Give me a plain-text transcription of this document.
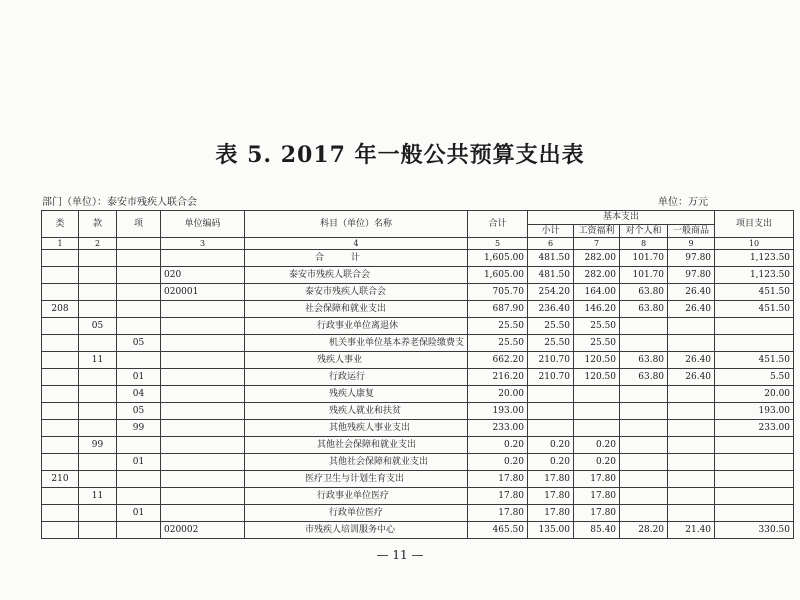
表 5. 2017 年一般公共预算支出表
部门（单位）：泰安市残疾人联合会	单位：万元
类	款	项	单位编码	科目（单位）名称	合计	基本支出				项目支出
						小计	工资福利	对个人和	一般商品	
1	2		3	4	5	6	7	8	9	10
				合 计	1,605.00	481.50	282.00	101.70	97.80	1,123.50
			020	泰安市残疾人联合会	1,605.00	481.50	282.00	101.70	97.80	1,123.50
			020001	泰安市残疾人联合会	705.70	254.20	164.00	63.80	26.40	451.50
208				社会保障和就业支出	687.90	236.40	146.20	63.80	26.40	451.50
	05			行政事业单位离退休	25.50	25.50	25.50			
		05		机关事业单位基本养老保险缴费支	25.50	25.50	25.50			
	11			残疾人事业	662.20	210.70	120.50	63.80	26.40	451.50
		01		行政运行	216.20	210.70	120.50	63.80	26.40	5.50
		04		残疾人康复	20.00					20.00
		05		残疾人就业和扶贫	193.00					193.00
		99		其他残疾人事业支出	233.00					233.00
	99			其他社会保障和就业支出	0.20	0.20	0.20			
		01		其他社会保障和就业支出	0.20	0.20	0.20			
210				医疗卫生与计划生育支出	17.80	17.80	17.80			
	11			行政事业单位医疗	17.80	17.80	17.80			
		01		行政单位医疗	17.80	17.80	17.80			
			020002	市残疾人培训服务中心	465.50	135.00	85.40	28.20	21.40	330.50
— 11 —
